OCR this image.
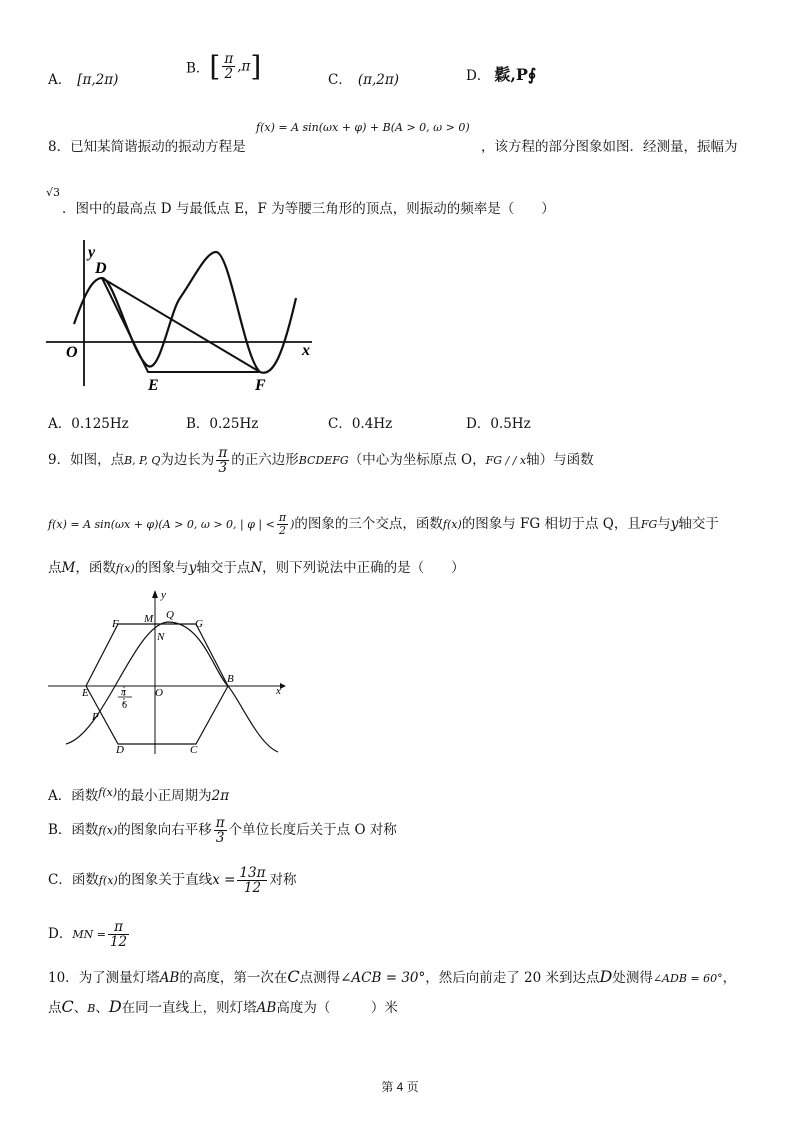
A． [π,2π)
B．[ $\frac{\pi}{2} ,\pi$]	C． (π,2π)	D． 鬏,P∮
8．已知某简谐振动的振动方程是
f(x) = A sin(ωx + φ) + B(A > 0, ω > 0)
，该方程的部分图象如图．经测量，振幅为
√3
．图中的最高点 D 与最低点 E，F 为等腰三角形的顶点，则振动的频率是（　　）
y
D
O	x
E	F
A．0.125Hz	B．0.25Hz	C．0.4Hz	D．0.5Hz
9．如图，点B, P, Q为边长为 $\frac{\pi}{3}$ 的正六边形BCDEFG（中心为坐标原点 O，FG / / x轴）与函数
f(x) = A sin(ωx + φ)(A > 0, ω > 0, | φ | < $\frac{\pi}{2}$ )的图象的三个交点，函数f(x)的图象与 FG 相切于点 Q，且FG与y轴交于
点M，函数f(x)的图象与y轴交于点N，则下列说法中正确的是（　　）
y
M Q
F	G
N
E	O
B
x
P
D	C
π
6
A．函数$^{f(x)}$的最小正周期为2π
B．函数f(x)的图象向右平移 $\frac{\pi}{3}$ 个单位长度后关于点 O 对称
C．函数f(x)的图象关于直线$x = \frac{13\pi}{12}$ 对称
D．MN = $\frac{\pi}{12}$
10．为了测量灯塔AB的高度，第一次在C点测得∠ACB = 30°，然后向前走了 20 米到达点D处测得∠ADB = 60°，
点C、B、D在同一直线上，则灯塔AB高度为（　　　）米
第 4 页
